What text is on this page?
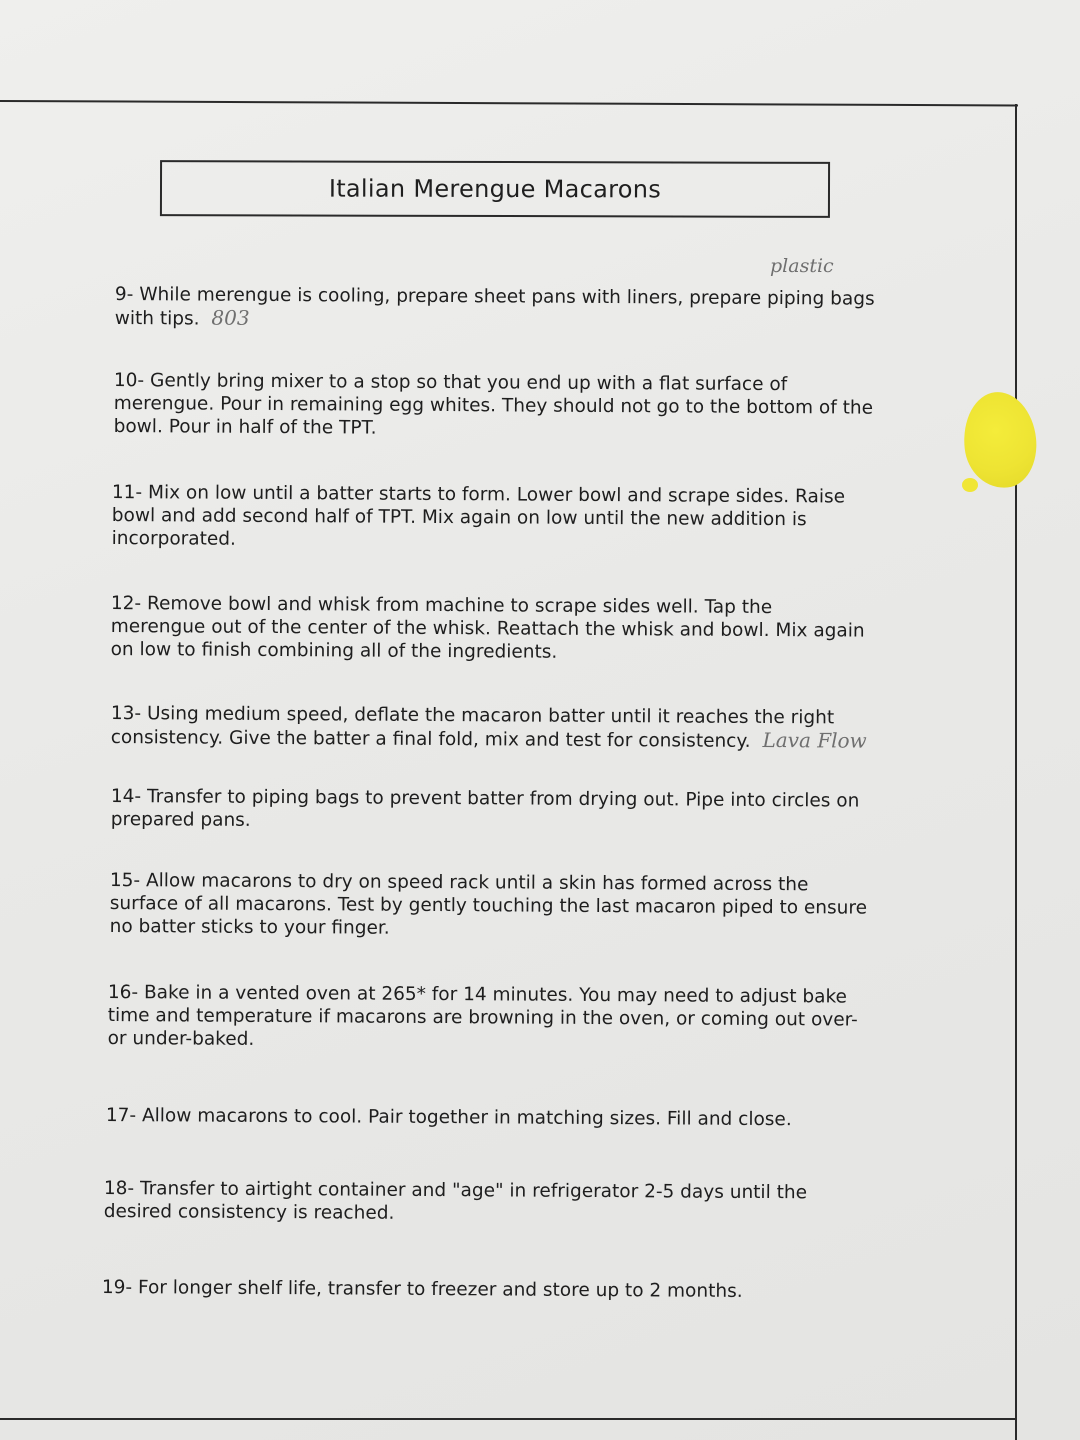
Italian Merengue Macarons
plastic
9- While merengue is cooling, prepare sheet pans with liners, prepare piping bags
with tips. 803
10- Gently bring mixer to a stop so that you end up with a flat surface of
merengue. Pour in remaining egg whites. They should not go to the bottom of the
bowl. Pour in half of the TPT.
11- Mix on low until a batter starts to form. Lower bowl and scrape sides. Raise
bowl and add second half of TPT. Mix again on low until the new addition is
incorporated.
12- Remove bowl and whisk from machine to scrape sides well. Tap the
merengue out of the center of the whisk. Reattach the whisk and bowl. Mix again
on low to finish combining all of the ingredients.
13- Using medium speed, deflate the macaron batter until it reaches the right
consistency. Give the batter a final fold, mix and test for consistency. Lava Flow
14- Transfer to piping bags to prevent batter from drying out. Pipe into circles on
prepared pans.
15- Allow macarons to dry on speed rack until a skin has formed across the
surface of all macarons. Test by gently touching the last macaron piped to ensure
no batter sticks to your finger.
16- Bake in a vented oven at 265* for 14 minutes. You may need to adjust bake
time and temperature if macarons are browning in the oven, or coming out over-
or under-baked.
17- Allow macarons to cool. Pair together in matching sizes. Fill and close.
18- Transfer to airtight container and "age" in refrigerator 2-5 days until the
desired consistency is reached.
19- For longer shelf life, transfer to freezer and store up to 2 months.
